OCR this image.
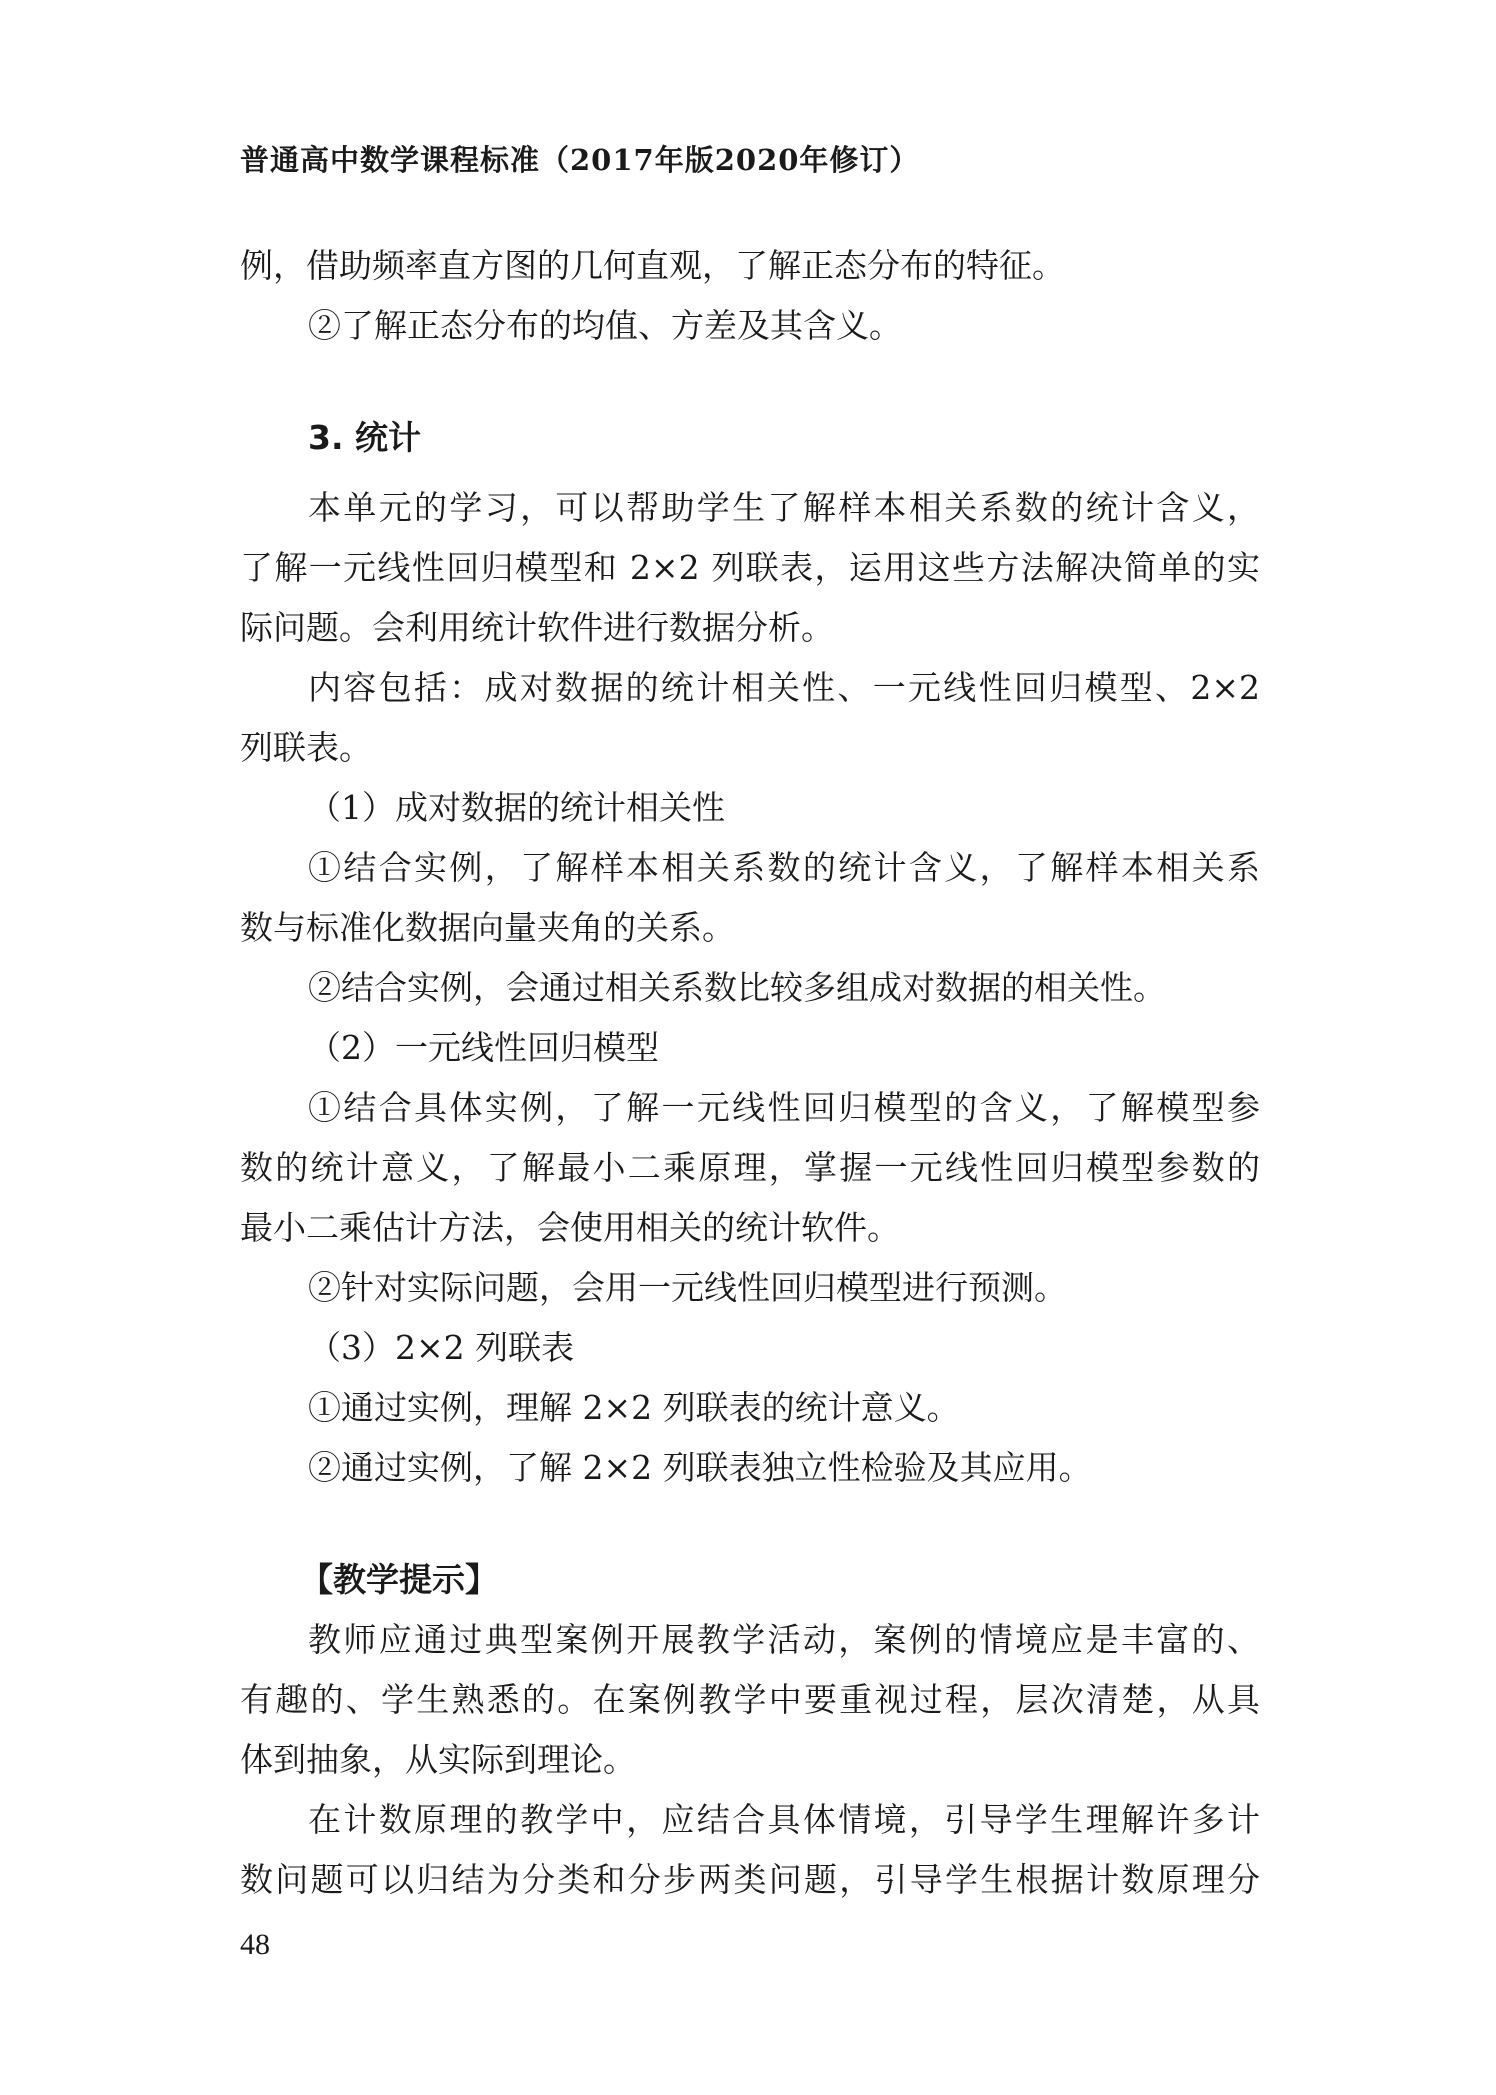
普通高中数学课程标准（2017年版2020年修订）
例，借助频率直方图的几何直观，了解正态分布的特征。
②了解正态分布的均值、方差及其含义。
3. 统计
本单元的学习，可以帮助学生了解样本相关系数的统计含义，
了解一元线性回归模型和 2×2 列联表，运用这些方法解决简单的实
际问题。会利用统计软件进行数据分析。
内容包括：成对数据的统计相关性、一元线性回归模型、2×2
列联表。
（1）成对数据的统计相关性
①结合实例，了解样本相关系数的统计含义，了解样本相关系
数与标准化数据向量夹角的关系。
②结合实例，会通过相关系数比较多组成对数据的相关性。
（2）一元线性回归模型
①结合具体实例，了解一元线性回归模型的含义，了解模型参
数的统计意义，了解最小二乘原理，掌握一元线性回归模型参数的
最小二乘估计方法，会使用相关的统计软件。
②针对实际问题，会用一元线性回归模型进行预测。
（3）2×2 列联表
①通过实例，理解 2×2 列联表的统计意义。
②通过实例，了解 2×2 列联表独立性检验及其应用。
【教学提示】
教师应通过典型案例开展教学活动，案例的情境应是丰富的、
有趣的、学生熟悉的。在案例教学中要重视过程，层次清楚，从具
体到抽象，从实际到理论。
在计数原理的教学中，应结合具体情境，引导学生理解许多计
数问题可以归结为分类和分步两类问题，引导学生根据计数原理分
48
